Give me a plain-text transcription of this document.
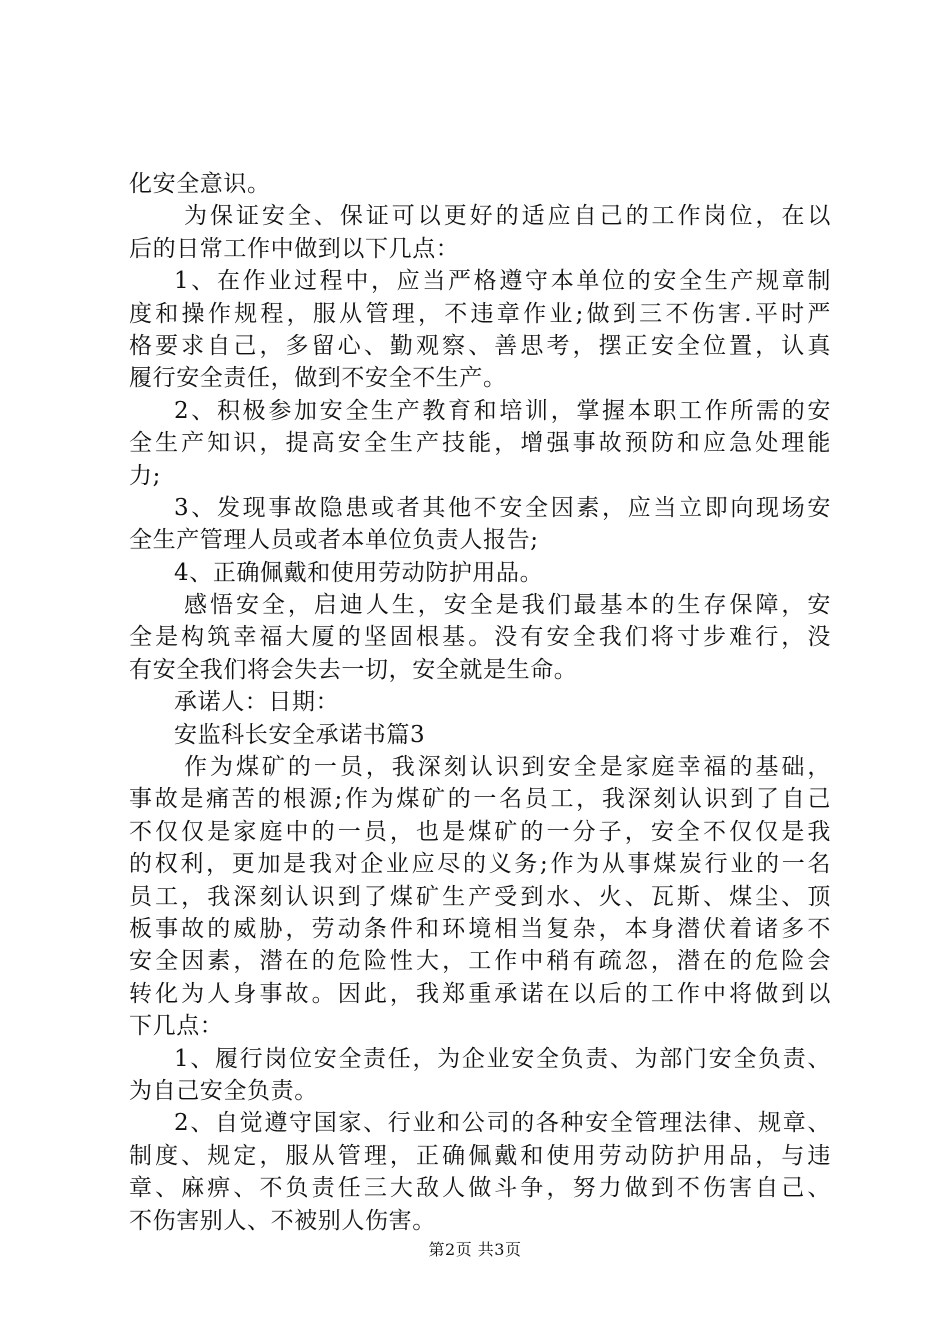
化安全意识。
为保证安全、保证可以更好的适应自己的工作岗位，在以
后的日常工作中做到以下几点：
1、在作业过程中，应当严格遵守本单位的安全生产规章制
度和操作规程，服从管理，不违章作业;做到三不伤害.平时严
格要求自己，多留心、勤观察、善思考，摆正安全位置，认真
履行安全责任，做到不安全不生产。
2、积极参加安全生产教育和培训，掌握本职工作所需的安
全生产知识，提高安全生产技能，增强事故预防和应急处理能
力;
3、发现事故隐患或者其他不安全因素，应当立即向现场安
全生产管理人员或者本单位负责人报告;
4、正确佩戴和使用劳动防护用品。
感悟安全，启迪人生，安全是我们最基本的生存保障，安
全是构筑幸福大厦的坚固根基。没有安全我们将寸步难行，没
有安全我们将会失去一切，安全就是生命。
承诺人：日期：
安监科长安全承诺书篇3
作为煤矿的一员，我深刻认识到安全是家庭幸福的基础，
事故是痛苦的根源;作为煤矿的一名员工，我深刻认识到了自己
不仅仅是家庭中的一员，也是煤矿的一分子，安全不仅仅是我
的权利，更加是我对企业应尽的义务;作为从事煤炭行业的一名
员工，我深刻认识到了煤矿生产受到水、火、瓦斯、煤尘、顶
板事故的威胁，劳动条件和环境相当复杂，本身潜伏着诸多不
安全因素，潜在的危险性大，工作中稍有疏忽，潜在的危险会
转化为人身事故。因此，我郑重承诺在以后的工作中将做到以
下几点：
1、履行岗位安全责任，为企业安全负责、为部门安全负责、
为自己安全负责。
2、自觉遵守国家、行业和公司的各种安全管理法律、规章、
制度、规定，服从管理，正确佩戴和使用劳动防护用品，与违
章、麻痹、不负责任三大敌人做斗争，努力做到不伤害自己、
不伤害别人、不被别人伤害。
第2页 共3页
